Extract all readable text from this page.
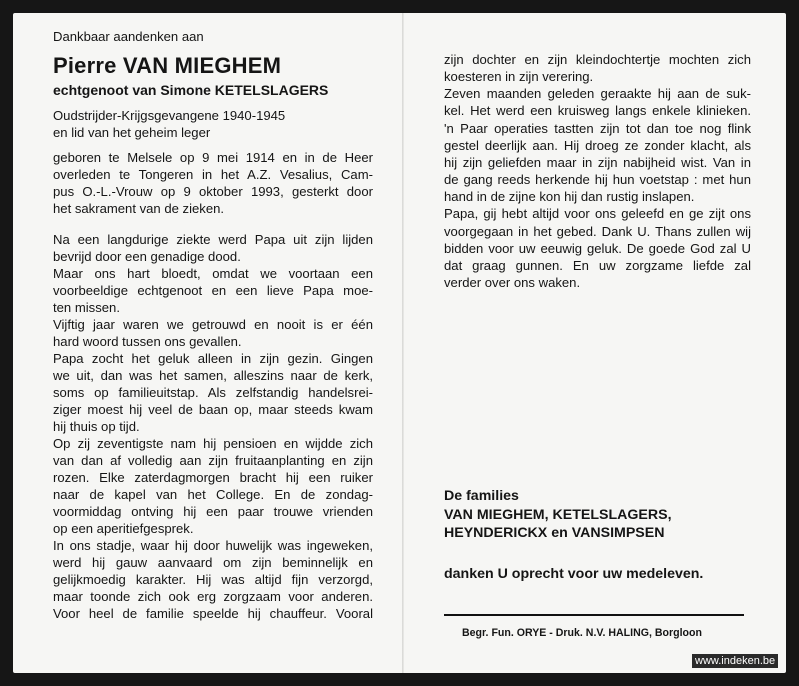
Dankbaar aandenken aan
Pierre VAN MIEGHEM
echtgenoot van Simone KETELSLAGERS
Oudstrijder-Krijgsgevangene 1940-1945
en lid van het geheim leger
geboren te Melsele op 9 mei 1914 en in de Heer
overleden te Tongeren in het A.Z. Vesalius, Cam-
pus O.-L.-Vrouw op 9 oktober 1993, gesterkt door
het sakrament van de zieken.
Na een langdurige ziekte werd Papa uit zijn lijden
bevrijd door een genadige dood.
Maar ons hart bloedt, omdat we voortaan een
voorbeeldige echtgenoot en een lieve Papa moe-
ten missen.
Vijftig jaar waren we getrouwd en nooit is er één
hard woord tussen ons gevallen.
Papa zocht het geluk alleen in zijn gezin. Gingen
we uit, dan was het samen, alleszins naar de kerk,
soms op familieuitstap. Als zelfstandig handelsrei-
ziger moest hij veel de baan op, maar steeds kwam
hij thuis op tijd.
Op zij zeventigste nam hij pensioen en wijdde zich
van dan af volledig aan zijn fruitaanplanting en zijn
rozen. Elke zaterdagmorgen bracht hij een ruiker
naar de kapel van het College. En de zondag-
voormiddag ontving hij een paar trouwe vrienden
op een aperitiefgesprek.
In ons stadje, waar hij door huwelijk was ingeweken,
werd hij gauw aanvaard om zijn beminnelijk en
gelijkmoedig karakter. Hij was altijd fijn verzorgd,
maar toonde zich ook erg zorgzaam voor anderen.
Voor heel de familie speelde hij chauffeur. Vooral
zijn dochter en zijn kleindochtertje mochten zich
koesteren in zijn verering.
Zeven maanden geleden geraakte hij aan de suk-
kel. Het werd een kruisweg langs enkele klinieken.
'n Paar operaties tastten zijn tot dan toe nog flink
gestel deerlijk aan. Hij droeg ze zonder klacht, als
hij zijn geliefden maar in zijn nabijheid wist. Van in
de gang reeds herkende hij hun voetstap : met hun
hand in de zijne kon hij dan rustig inslapen.
Papa, gij hebt altijd voor ons geleefd en ge zijt ons
voorgegaan in het gebed. Dank U. Thans zullen wij
bidden voor uw eeuwig geluk. De goede God zal U
dat graag gunnen. En uw zorgzame liefde zal
verder over ons waken.
De families
VAN MIEGHEM, KETELSLAGERS,
HEYNDERICKX en VANSIMPSEN
danken U oprecht voor uw medeleven.
Begr. Fun. ORYE - Druk. N.V. HALING, Borgloon
www.indeken.be
